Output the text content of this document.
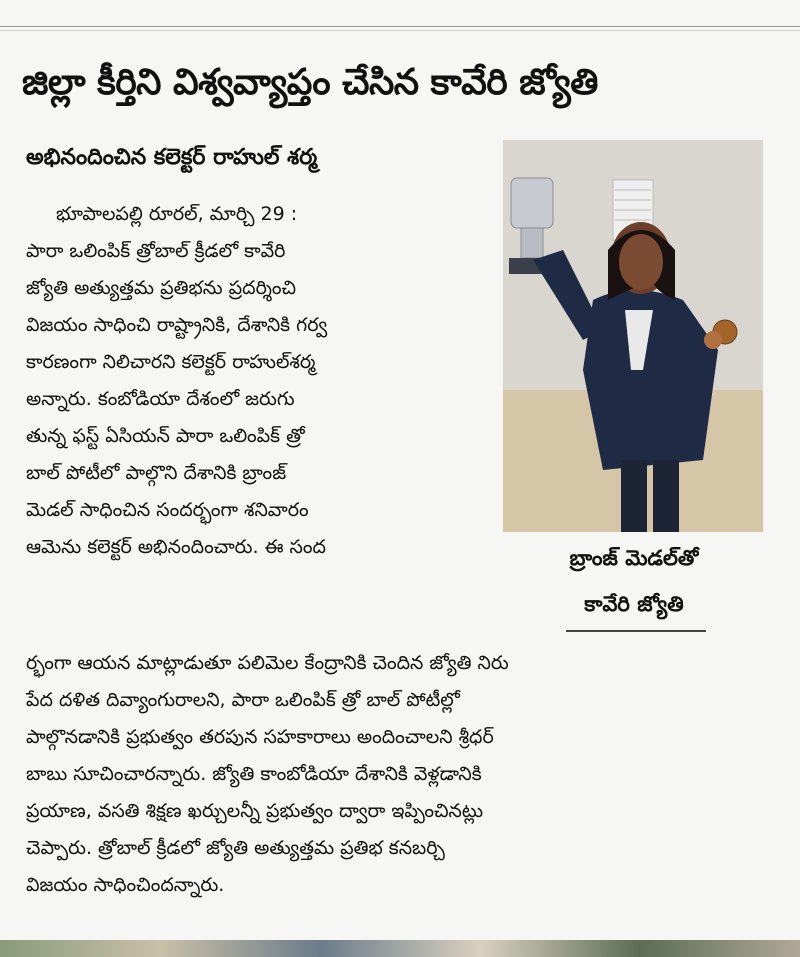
జిల్లా కీర్తిని విశ్వవ్యాప్తం చేసిన కావేరి జ్యోతి
అభినందించిన కలెక్టర్ రాహుల్ శర్మ
భూపాలపల్లి రూరల్, మార్చి 29 :
పారా ఒలింపిక్ త్రోబాల్ క్రీడలో కావేరి
జ్యోతి అత్యుత్తమ ప్రతిభను ప్రదర్శించి
విజయం సాధించి రాష్ట్రానికి, దేశానికి గర్వ
కారణంగా నిలిచారని కలెక్టర్ రాహుల్‌శర్మ
అన్నారు. కంబోడియా దేశంలో జరుగు
తున్న ఫస్ట్ ఏసియన్ పారా ఒలింపిక్ త్రో
బాల్ పోటీలో పాల్గొని దేశానికి బ్రాంజ్
మెడల్ సాధించిన సందర్భంగా శనివారం
ఆమెను కలెక్టర్ అభినందించారు. ఈ సంద	బ్రాంజ్ మెడల్‌తో
కావేరి జ్యోతి
ర్భంగా ఆయన మాట్లాడుతూ పలిమెల కేంద్రానికి చెందిన జ్యోతి నిరు
పేద దళిత దివ్యాంగురాలని, పారా ఒలింపిక్ త్రో బాల్ పోటీల్లో
పాల్గొనడానికి ప్రభుత్వం తరపున సహకారాలు అందించాలని శ్రీధర్
బాబు సూచించారన్నారు. జ్యోతి కాంబోడియా దేశానికి వెళ్లడానికి
ప్రయాణ, వసతి శిక్షణ ఖర్చులన్నీ ప్రభుత్వం ద్వారా ఇప్పించినట్లు
చెప్పారు. త్రోబాల్ క్రీడలో జ్యోతి అత్యుత్తమ ప్రతిభ కనబర్చి
విజయం సాధించిందన్నారు.
